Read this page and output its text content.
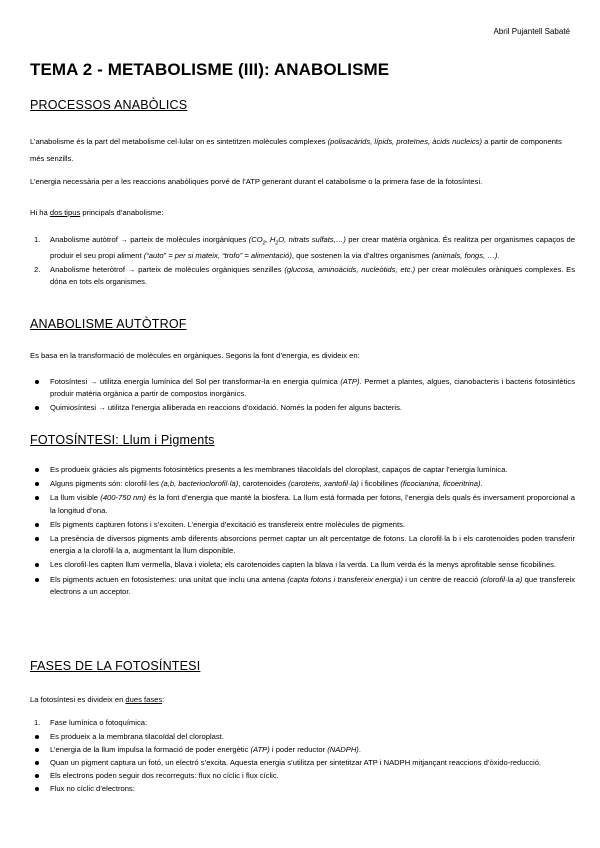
Abril Pujantell Sabaté
TEMA 2 - METABOLISME (III): ANABOLISME
PROCESSOS ANABÒLICS
L’anabolisme és la part del metabolisme cel·lular on es sintetitzen molècules complexes (polisacàrids, lípids, proteïnes, àcids nucleics) a partir de components més senzills.
L’energia necessària per a les reaccions anabòliques porvé de l’ATP generant durant el catabolisme o la primera fase de la fotosíntesi.
Hi ha dos tipus principals d’anabolisme:
1. Anabolisme autòtrof → parteix de molècules inorgàniques ($CO_2$, $H_2O$, nitrats sulfats,…) per crear matèria orgànica. És realitza per organismes capaços de produir el seu propi aliment (“auto” = per si mateix, “trofo” = alimentació), que sostenen la via d’altres organismes (animals, fongs, …).
2. Anabolisme heteròtrof → parteix de molècules orgàniques senzilles (glucosa, aminoàcids, nucleòtids, etc.) per crear molècules oràniques complexes. Es dóna en tots els organismes.
ANABOLISME AUTÒTROF
Es basa en la transformació de molècules en orgàniques. Segons la font d’energia, es divideix en:
Fotosíntesi → utilitza energia lumínica del Sol per transformar-la en energia química (ATP). Permet a plantes, algues, cianobacteris i bacteris fotosintètics produir matèria orgànica a partir de compostos inorgànics.
Quimiosíntesi → utilitza l’energia alliberada en reaccions d’oxidació. Només la poden fer alguns bacteris.
FOTOSÍNTESI: Llum i Pigments
Es produeix gràcies als pigments fotosintètics presents a les membranes tilacoïdals del cloroplast, capaços de captar l’energia lumínica.
Alguns pigments són: clorofil·les (a,b, bacterioclorofil·la), carotenoides (carotens, xantofil·la) i ficobilines (ficocianina, ficoeritrina).
La llum visible (400-750 nm) és la font d’energia que manté la biosfera. La llum està formada per fotons, l’energia dels quals és inversament proporcional a la longitud d’ona.
Els pigments capturen fotons i s’exciten. L’energia d’excitació es transfereix entre molècules de pigments.
La presència de diversos pigments amb diferents absorcions permet captar un alt percentatge de fotons. La clorofil·la b i els carotenoides poden transferir energia a la clorofil·la a, augmentant la llum disponible.
Les clorofil·les capten llum vermella, blava i violeta; els carotenoides capten la blava i la verda. La llum verda és la menys aprofitable sense ficobilines.
Els pigments actuen en fotosistemes: una unitat que inclu una antena (capta fotons i transfereix energia) i un centre de reacció (clorofil·la a) que transfereix electrons a un acceptor.
FASES DE LA FOTOSÍNTESI
La fotosíntesi es divideix en dues fases:
1. Fase lumínica o fotoquímica:
Es produeix a la membrana tilacoïdal del cloroplast.
L’energia de la llum impulsa la formació de poder energètic (ATP) i poder reductor (NADPH).
Quan un pigment captura un fotó, un electró s’excita. Aquesta energia s’utilitza per sintetitzar ATP i NADPH mitjançant reaccions d’òxido-reducció.
Els electrons poden seguir dos recorreguts: flux no cíclic i flux cíclic.
Flux no cíclic d’electrons:
